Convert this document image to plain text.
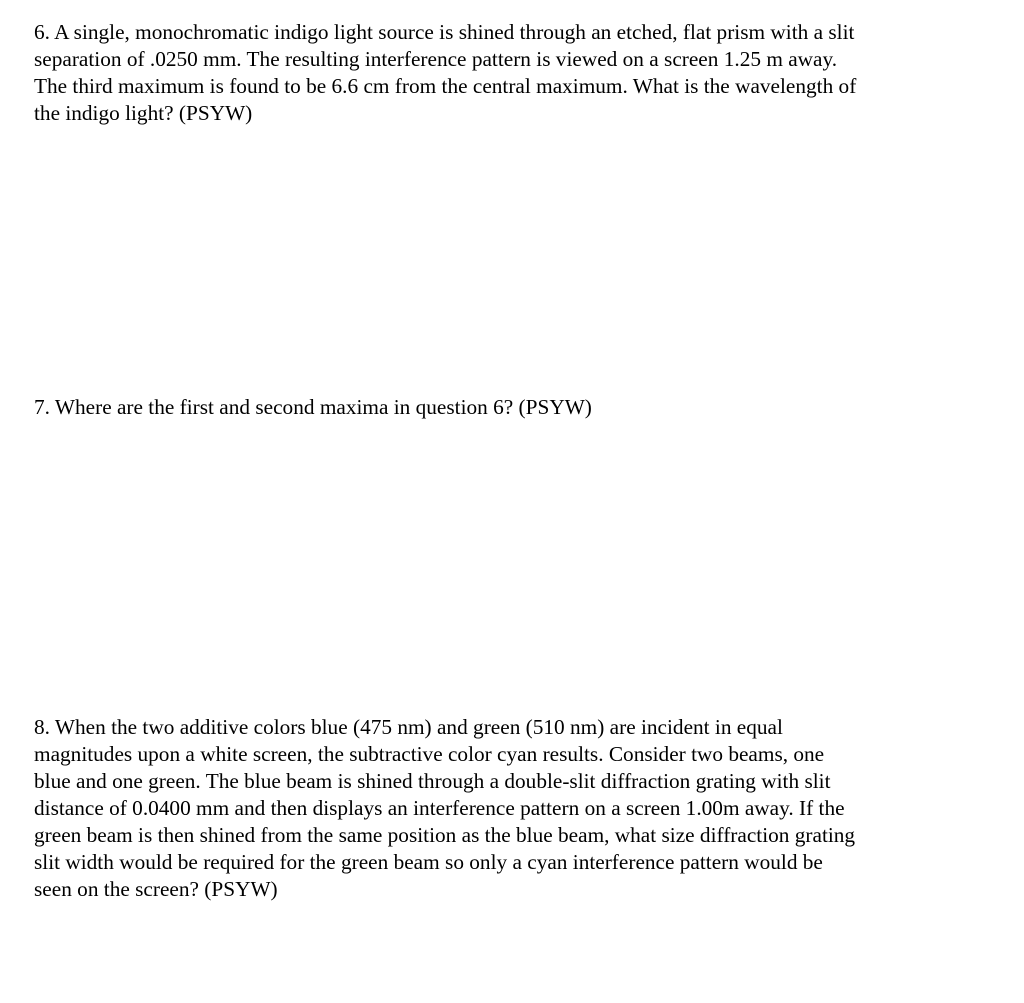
6. A single, monochromatic indigo light source is shined through an etched, flat prism with a slit
separation of .0250 mm. The resulting interference pattern is viewed on a screen 1.25 m away.
The third maximum is found to be 6.6 cm from the central maximum. What is the wavelength of
the indigo light? (PSYW)
7. Where are the first and second maxima in question 6? (PSYW)
8. When the two additive colors blue (475 nm) and green (510 nm) are incident in equal
magnitudes upon a white screen, the subtractive color cyan results. Consider two beams, one
blue and one green. The blue beam is shined through a double-slit diffraction grating with slit
distance of 0.0400 mm and then displays an interference pattern on a screen 1.00m away. If the
green beam is then shined from the same position as the blue beam, what size diffraction grating
slit width would be required for the green beam so only a cyan interference pattern would be
seen on the screen? (PSYW)
